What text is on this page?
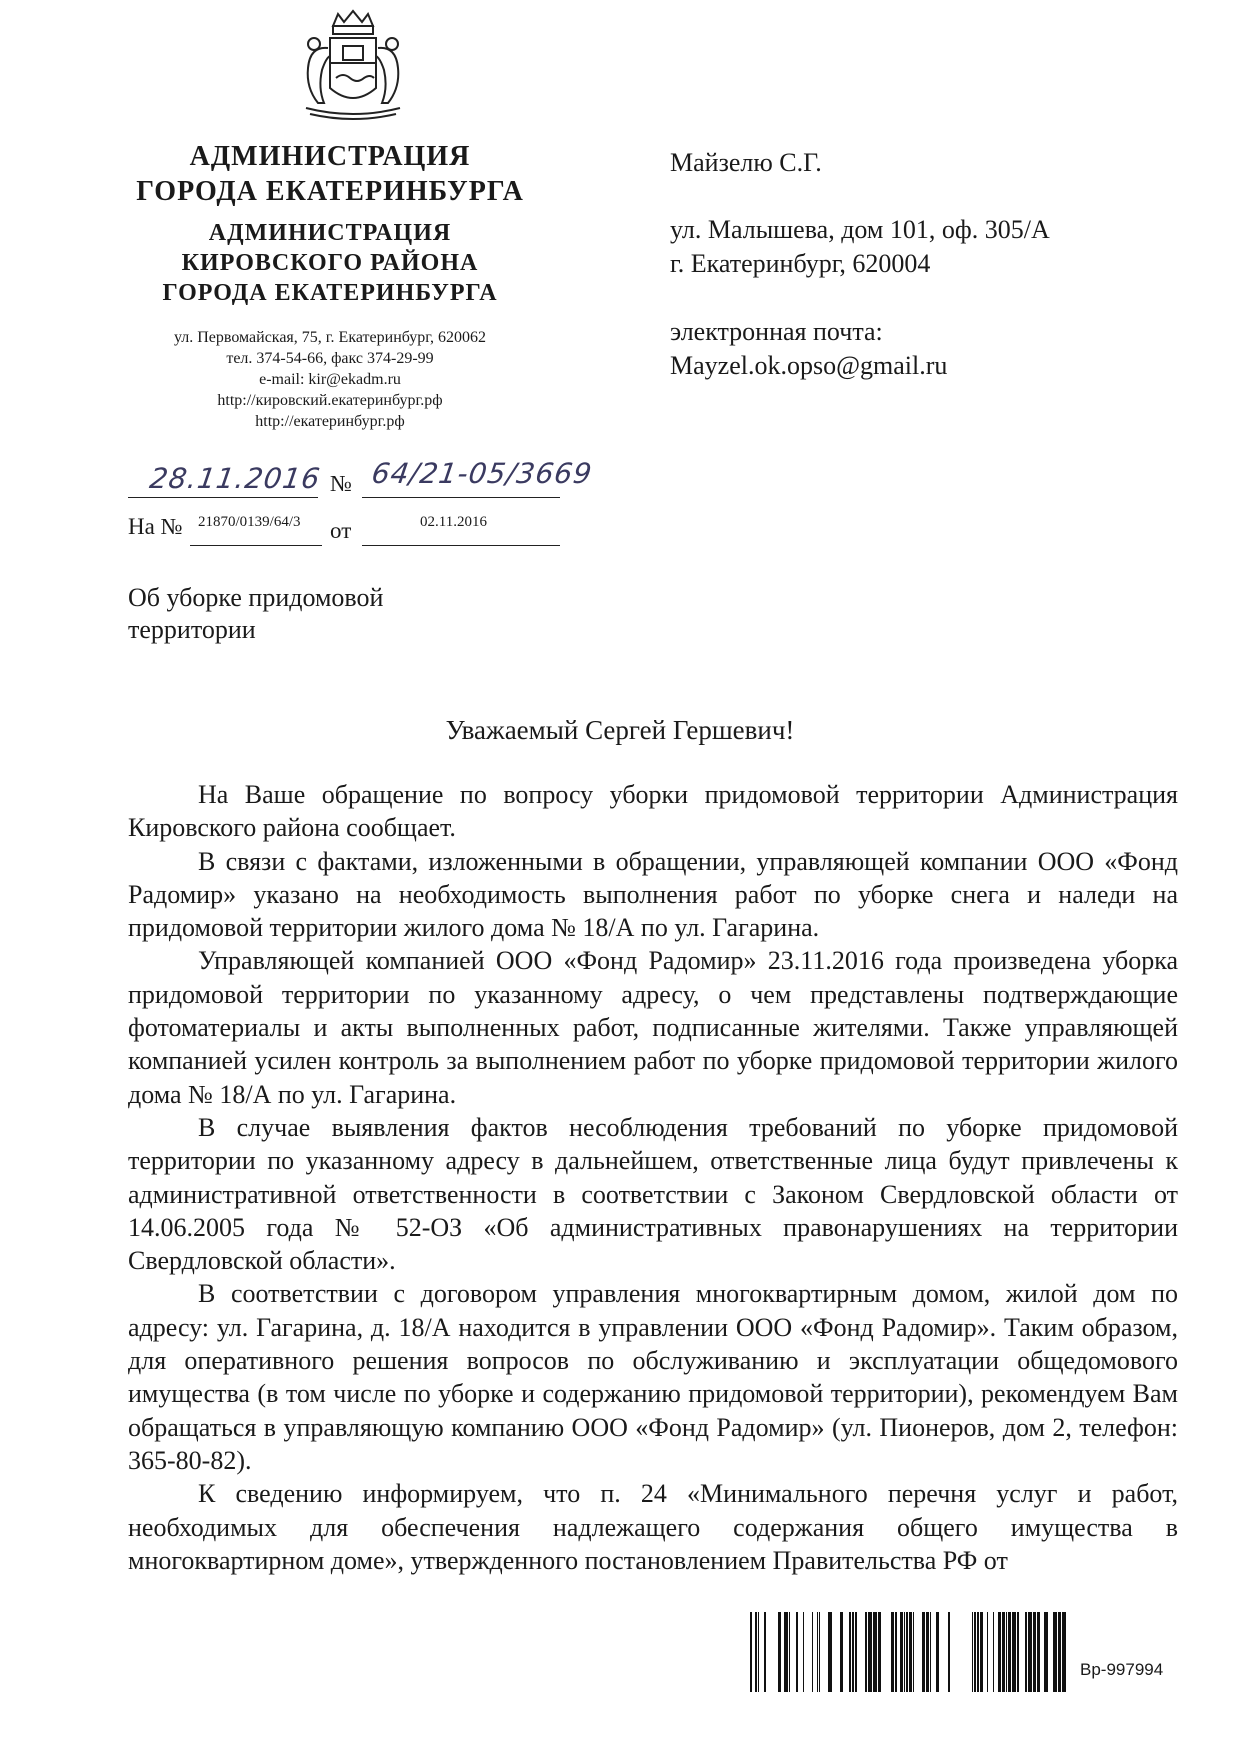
АДМИНИСТРАЦИЯ
ГОРОДА ЕКАТЕРИНБУРГА
АДМИНИСТРАЦИЯ
КИРОВСКОГО РАЙОНА
ГОРОДА ЕКАТЕРИНБУРГА
ул. Первомайская, 75, г. Екатеринбург, 620062
тел. 374-54-66, факс 374-29-99
e-mail: kir@ekadm.ru
http://кировский.екатеринбург.рф
http://екатеринбург.рф
28.11.2016 № 64/21-05/3669
На № 21870/0139/64/3 от	02.11.2016
Майзелю С.Г.
ул. Малышева, дом 101, оф. 305/А
г. Екатеринбург, 620004
электронная почта:
Mayzel.ok.opso@gmail.ru
Об уборке придомовой
территории
Уважаемый Сергей Гершевич!

На Ваше обращение по вопросу уборки придомовой территории Администрация Кировского района сообщает.

В связи с фактами, изложенными в обращении, управляющей компании ООО «Фонд Радомир» указано на необходимость выполнения работ по уборке снега и наледи на придомовой территории жилого дома № 18/А по ул. Гагарина.

Управляющей компанией ООО «Фонд Радомир» 23.11.2016 года произведена уборка придомовой территории по указанному адресу, о чем представлены подтверждающие фотоматериалы и акты выполненных работ, подписанные жителями. Также управляющей компанией усилен контроль за выполнением работ по уборке придомовой территории жилого дома № 18/А по ул. Гагарина.

В случае выявления фактов несоблюдения требований по уборке придомовой территории по указанному адресу в дальнейшем, ответственные лица будут привлечены к административной ответственности в соответствии с Законом Свердловской области от 14.06.2005 года № 52-ОЗ «Об административных правонарушениях на территории Свердловской области».

В соответствии с договором управления многоквартирным домом, жилой дом по адресу: ул. Гагарина, д. 18/А находится в управлении ООО «Фонд Радомир». Таким образом, для оперативного решения вопросов по обслуживанию и эксплуатации общедомового имущества (в том числе по уборке и содержанию придомовой территории), рекомендуем Вам обращаться в управляющую компанию ООО «Фонд Радомир» (ул. Пионеров, дом 2, телефон: 365-80-82).

К сведению информируем, что п. 24 «Минимального перечня услуг и работ, необходимых для обеспечения надлежащего содержания общего имущества в многоквартирном доме», утвержденного постановлением Правительства РФ от

Вр-997994
